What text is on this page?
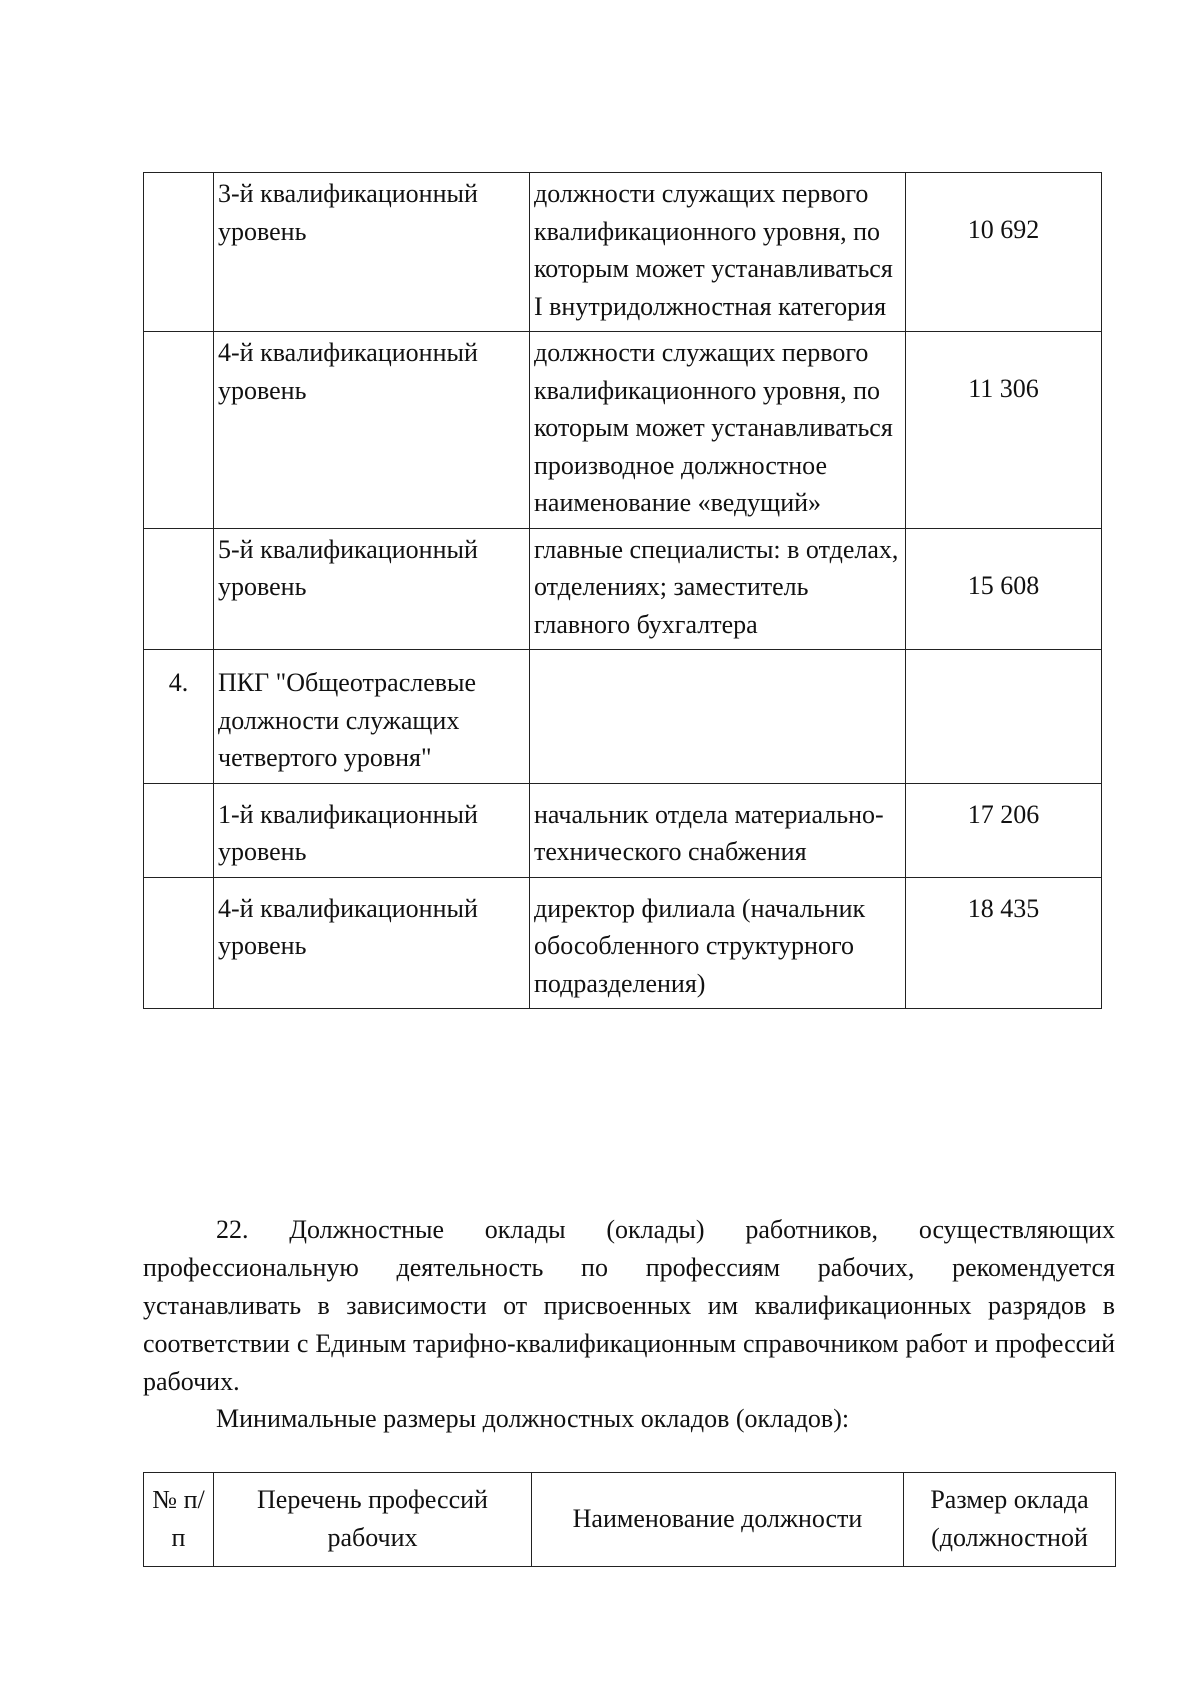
	3-й квалификационный уровень	должности служащих первого квалификационного уровня, по которым может устанавливаться I внутридолжностная категория	10 692
	4-й квалификационный уровень	должности служащих первого квалификационного уровня, по которым может устанавливаться производное должностное наименование «ведущий»	11 306
	5-й квалификационный уровень	главные специалисты: в отделах, отделениях; заместитель главного бухгалтера	15 608
4.	ПКГ "Общеотраслевые должности служащих четвертого уровня"		
	1-й квалификационный уровень	начальник отдела материально-технического снабжения	17 206
	4-й квалификационный уровень	директор филиала (начальник обособленного структурного подразделения)	18 435

22. Должностные оклады (оклады) работников, осуществляющих профессиональную деятельность по профессиям рабочих, рекомендуется устанавливать в зависимости от присвоенных им квалификационных разрядов в соответствии с Единым тарифно-квалификационным справочником работ и профессий рабочих.

Минимальные размеры должностных окладов (окладов):

№ п/п	Перечень профессий рабочих	Наименование должности	Размер оклада (должностной
